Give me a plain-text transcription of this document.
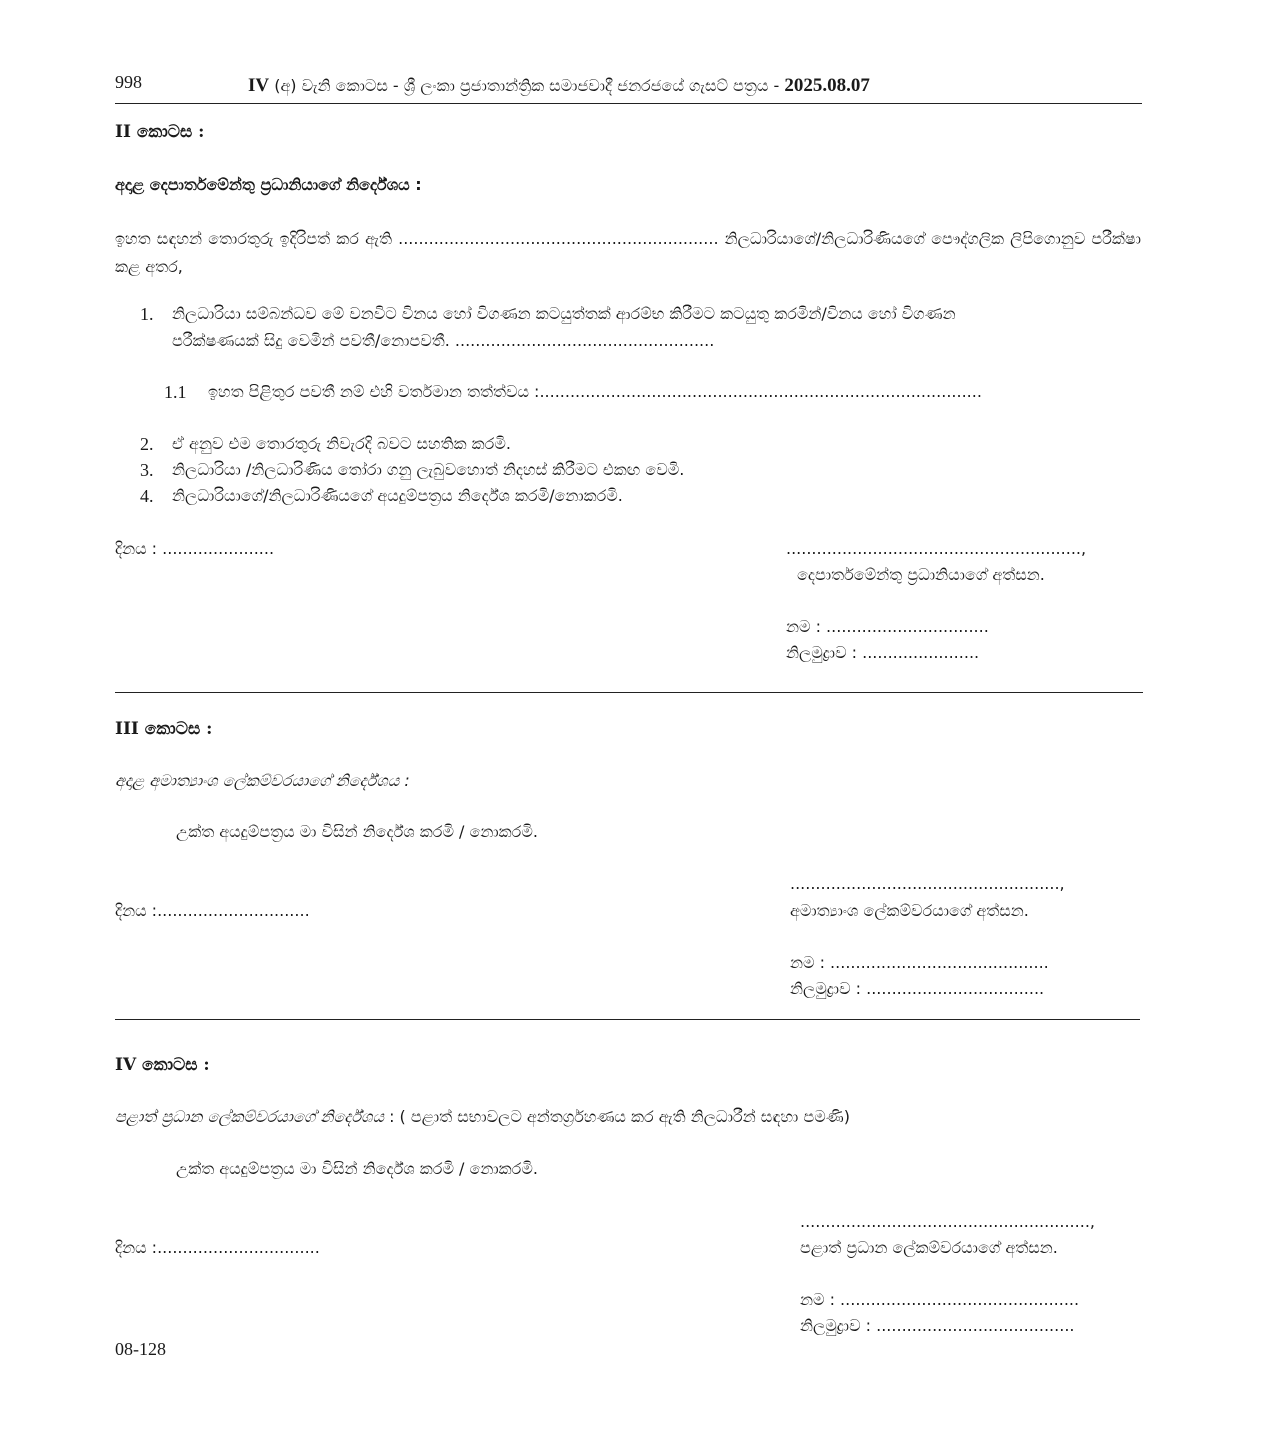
998	IV (අ) වැනි කොටස - ශ්‍රී ලංකා ප්‍රජාතාන්ත්‍රික සමාජවාදී ජනරජයේ ගැසට් පත්‍රය - 2025.08.07
II කොටස :
අදාළ දෙපාර්තමේන්තු ප්‍රධානියාගේ නිර්දේශය :
ඉහත සඳහන් තොරතුරු ඉදිරිපත් කර ඇති ............................................................... නිලධාරියාගේ/නිලධාරිණියගේ පෞද්ගලික ලිපිගොනුව පරීක්ෂා කළ අතර,
1. නිලධාරියා සම්බන්ධව මේ වනවිට විනය හෝ විගණන කටයුත්තක් ආරම්භ කිරීමට කටයුතු කරමින්/විනය හෝ විගණන
පරීක්ෂණයක් සිදු වෙමින් පවතී/නොපවතී. ...................................................
1.1 ඉහත පිළිතුර පවතී නම් එහි වර්තමාන තත්ත්වය :.......................................................................................
2. ඒ අනුව එම තොරතුරු නිවැරදි බවට සහතික කරමි.
3. නිලධාරියා /නිලධාරිණිය තෝරා ගනු ලැබුවහොත් නිදහස් කිරීමට එකඟ වෙමි.
4. නිලධාරියාගේ/නිලධාරිණියගේ අයදුම්පත්‍රය නිර්දේශ කරමි/නොකරමි.
දිනය : ......................	..........................................................,
දෙපාර්තමේන්තු ප්‍රධානියාගේ අත්සන.
නම : ................................
නිලමුද්‍රාව : .......................
III කොටස :
අදාළ අමාත්‍යාංශ ලේකම්වරයාගේ නිර්දේශය :
උක්ත අයදුම්පත්‍රය මා විසින් නිර්දේශ කරමි / නොකරමි.
.....................................................,
දිනය :..............................	අමාත්‍යාංශ ලේකම්වරයාගේ අත්සන.
නම : ...........................................
නිලමුද්‍රාව : ...................................
IV කොටස :
පළාත් ප්‍රධාන ලේකම්වරයාගේ නිර්දේශය : ( පළාත් සභාවලට අන්තර්ග්‍රහණය කර ඇති නිලධාරීන් සඳහා පමණි)
උක්ත අයදුම්පත්‍රය මා විසින් නිර්දේශ කරමි / නොකරමි.
.........................................................,
දිනය :................................	පළාත් ප්‍රධාන ලේකම්වරයාගේ අත්සන.
නම : ...............................................
නිලමුද්‍රාව : .......................................
08-128
